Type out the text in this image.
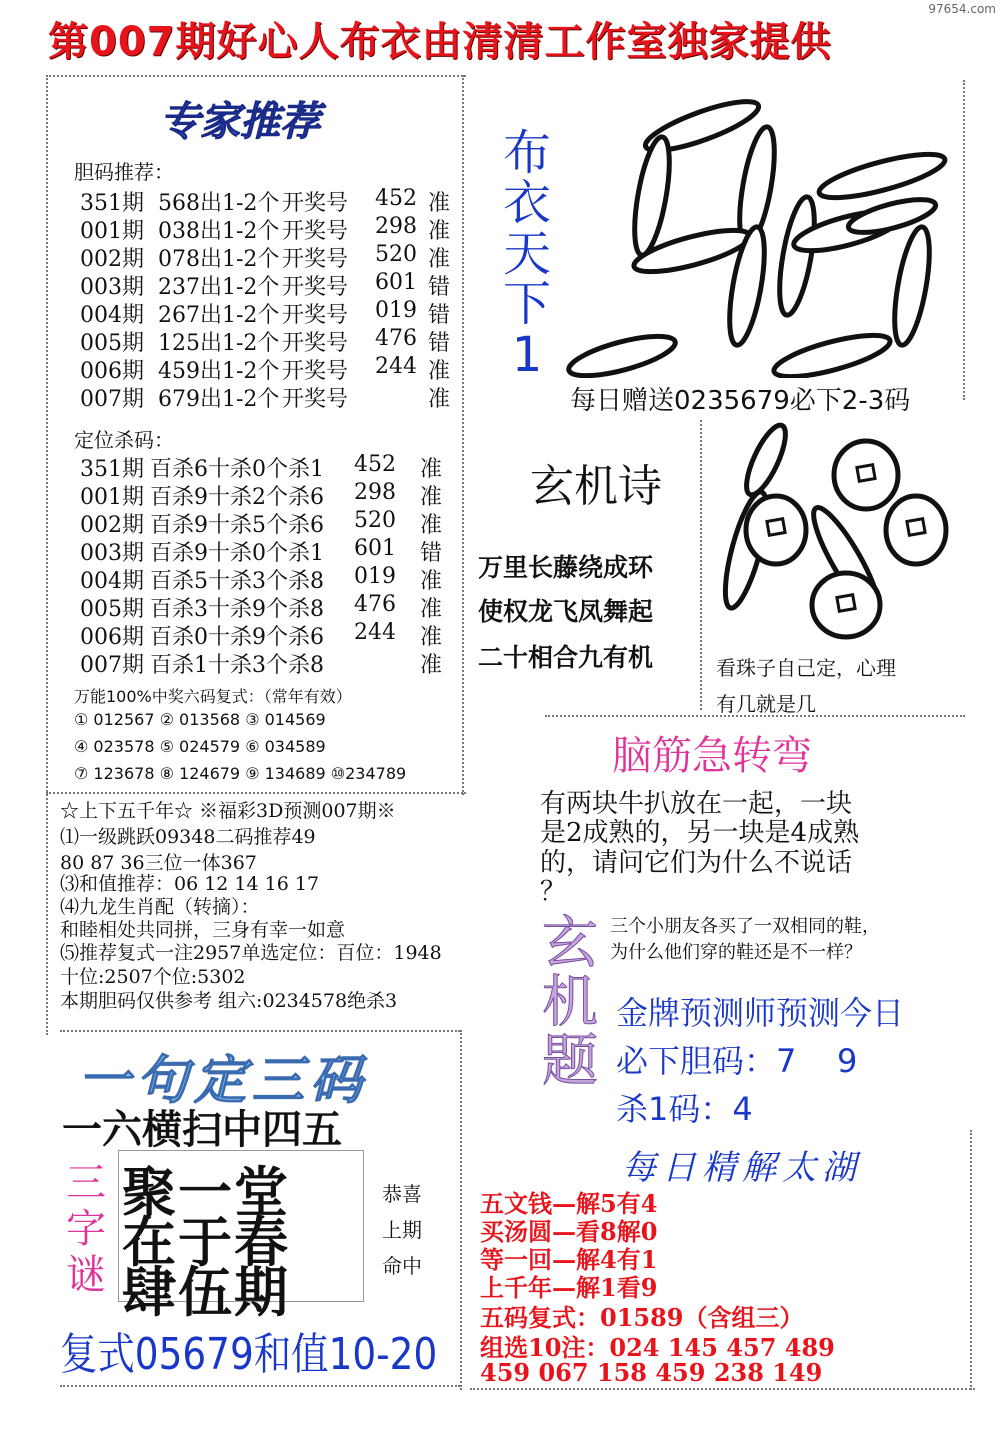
97654.com
第007期好心人布衣由清清工作室独家提供
专家推荐
胆码推荐：
351期 568出1-2个 开奖号 452 准
001期 038出1-2个 开奖号 298 准
002期 078出1-2个 开奖号 520 准
003期 237出1-2个 开奖号 601 错
004期 267出1-2个 开奖号 019 错
005期 125出1-2个 开奖号 476 错
006期 459出1-2个 开奖号 244 准
007期 679出1-2个 开奖号	准
定位杀码：
351期 百杀6十杀0个杀1 452 准
001期 百杀9十杀2个杀6 298 准
002期 百杀9十杀5个杀6 520 准
003期 百杀9十杀0个杀1 601 错
004期 百杀5十杀3个杀8 019 准
005期 百杀3十杀9个杀8 476 准
006期 百杀0十杀9个杀6 244 准
007期 百杀1十杀3个杀8	准
万能100%中奖六码复式：（常年有效）
① 012567 ② 013568 ③ 014569
④ 023578 ⑤ 024579 ⑥ 034589
⑦ 123678 ⑧ 124679 ⑨ 134689 ⑩234789
☆上下五千年☆ ※福彩3D预测007期※
⑴一级跳跃09348二码推荐49
80 87 36三位一体367
⑶和值推荐：06 12 14 16 17
⑷九龙生肖配（转摘）：
和睦相处共同拼，三身有幸一如意
⑸推荐复式一注2957单选定位：百位：1948
十位:2507个位:5302
本期胆码仅供参考 组六:0234578绝杀3
布衣天下1
每日赠送0235679必下2-3码
玄机诗
万里长藤绕成环
使权龙飞凤舞起
二十相合九有机	看珠子自己定，心理
有几就是几
脑筋急转弯
有两块牛扒放在一起，一块
是2成熟的，另一块是4成熟
的，请问它们为什么不说话
？
玄机题
三个小朋友各买了一双相同的鞋，
为什么他们穿的鞋还是不一样？
金牌预测师预测今日
必下胆码：7    9
杀1码：4
一句定三码
一六横扫中四五
三字谜
聚一堂
在于春
肆伍期
恭喜
上期
命中
复式05679和值10-20
每日精解太湖
五文钱—解5有4
买汤圆—看8解0
等一回—解4有1
上千年—解1看9
五码复式：01589（含组三）
组选10注：024 145 457 489
459 067 158 459 238 149
